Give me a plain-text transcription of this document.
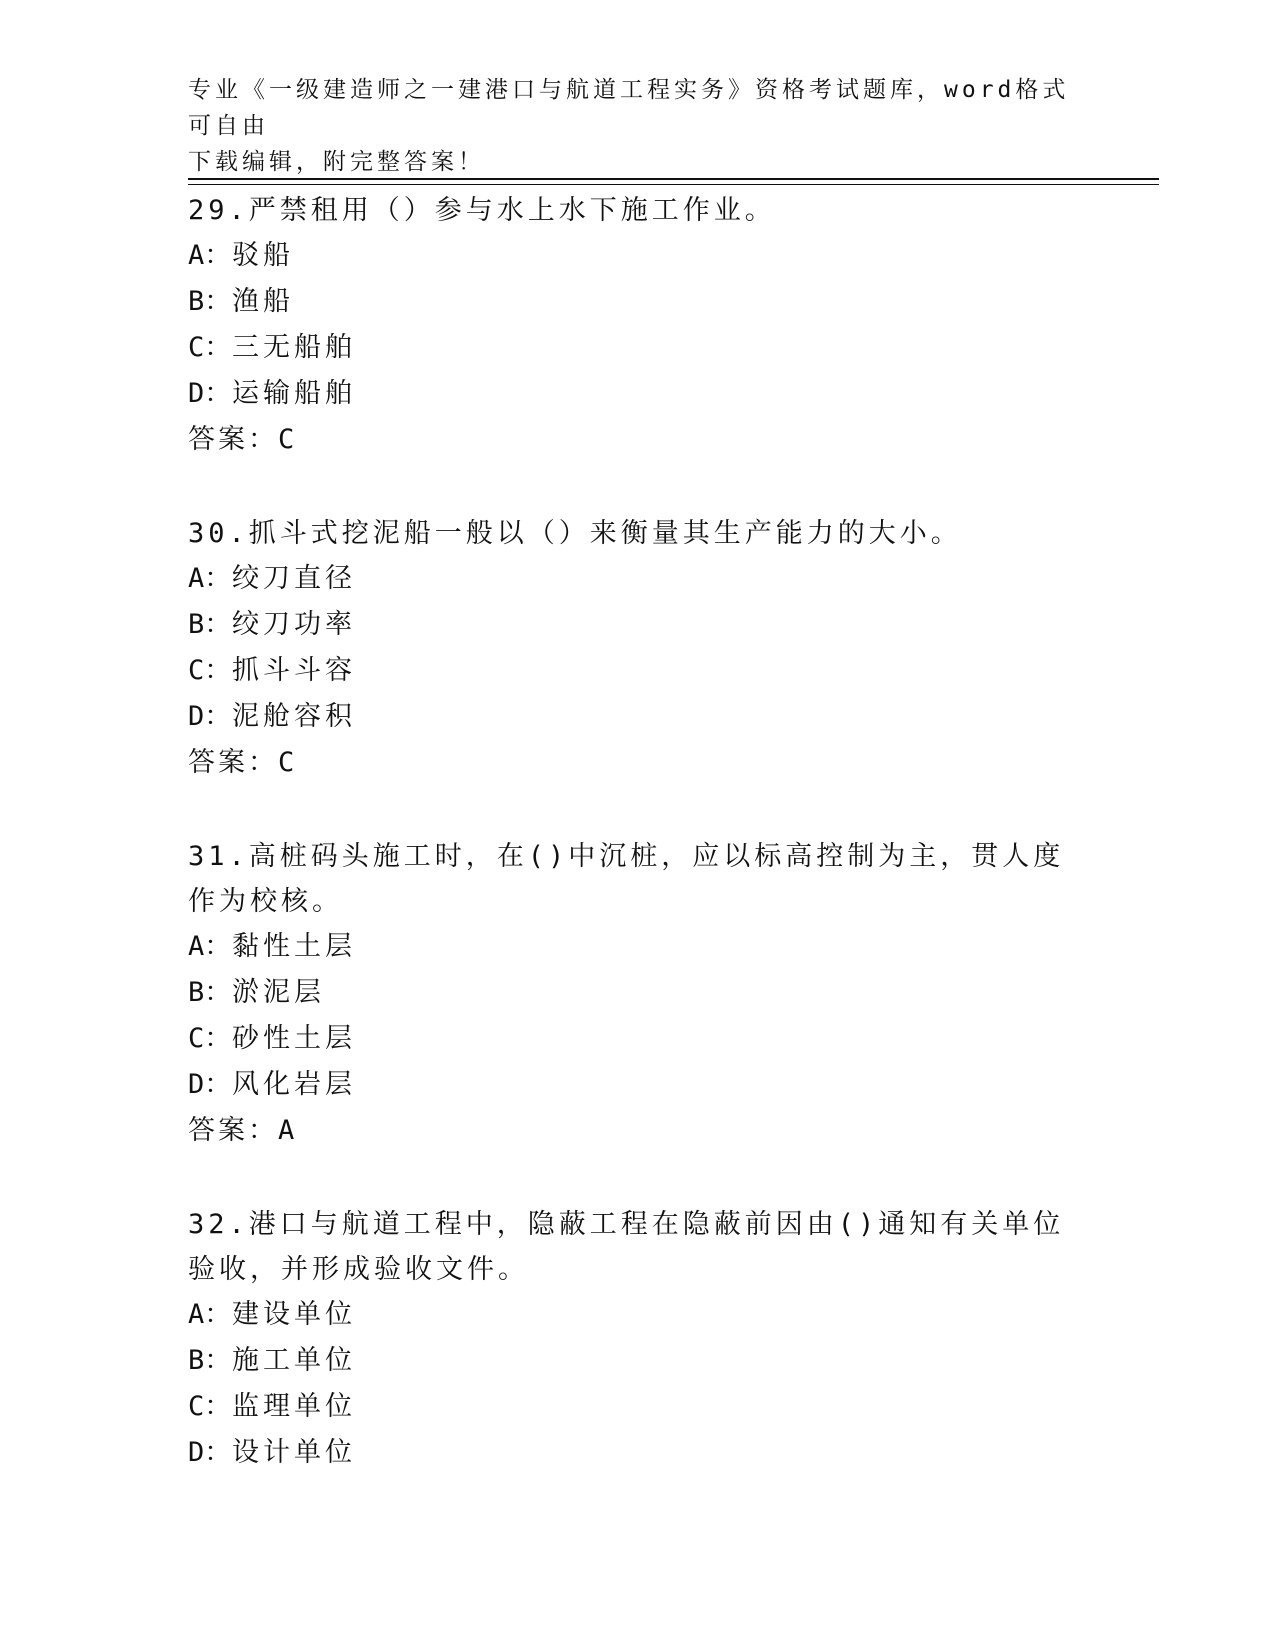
专业《一级建造师之一建港口与航道工程实务》资格考试题库，word格式可自由
下载编辑，附完整答案！

29.严禁租用（）参与水上水下施工作业。

A：驳船

B：渔船

C：三无船舶

D：运输船舶

答案：C

30.抓斗式挖泥船一般以（）来衡量其生产能力的大小。

A：绞刀直径

B：绞刀功率

C：抓斗斗容

D：泥舱容积

答案：C

31.高桩码头施工时，在()中沉桩，应以标高控制为主，贯人度作为校核。

A：黏性土层

B：淤泥层

C：砂性土层

D：风化岩层

答案：A

32.港口与航道工程中，隐蔽工程在隐蔽前因由()通知有关单位验收，并形成验收文件。

A：建设单位

B：施工单位

C：监理单位

D：设计单位
